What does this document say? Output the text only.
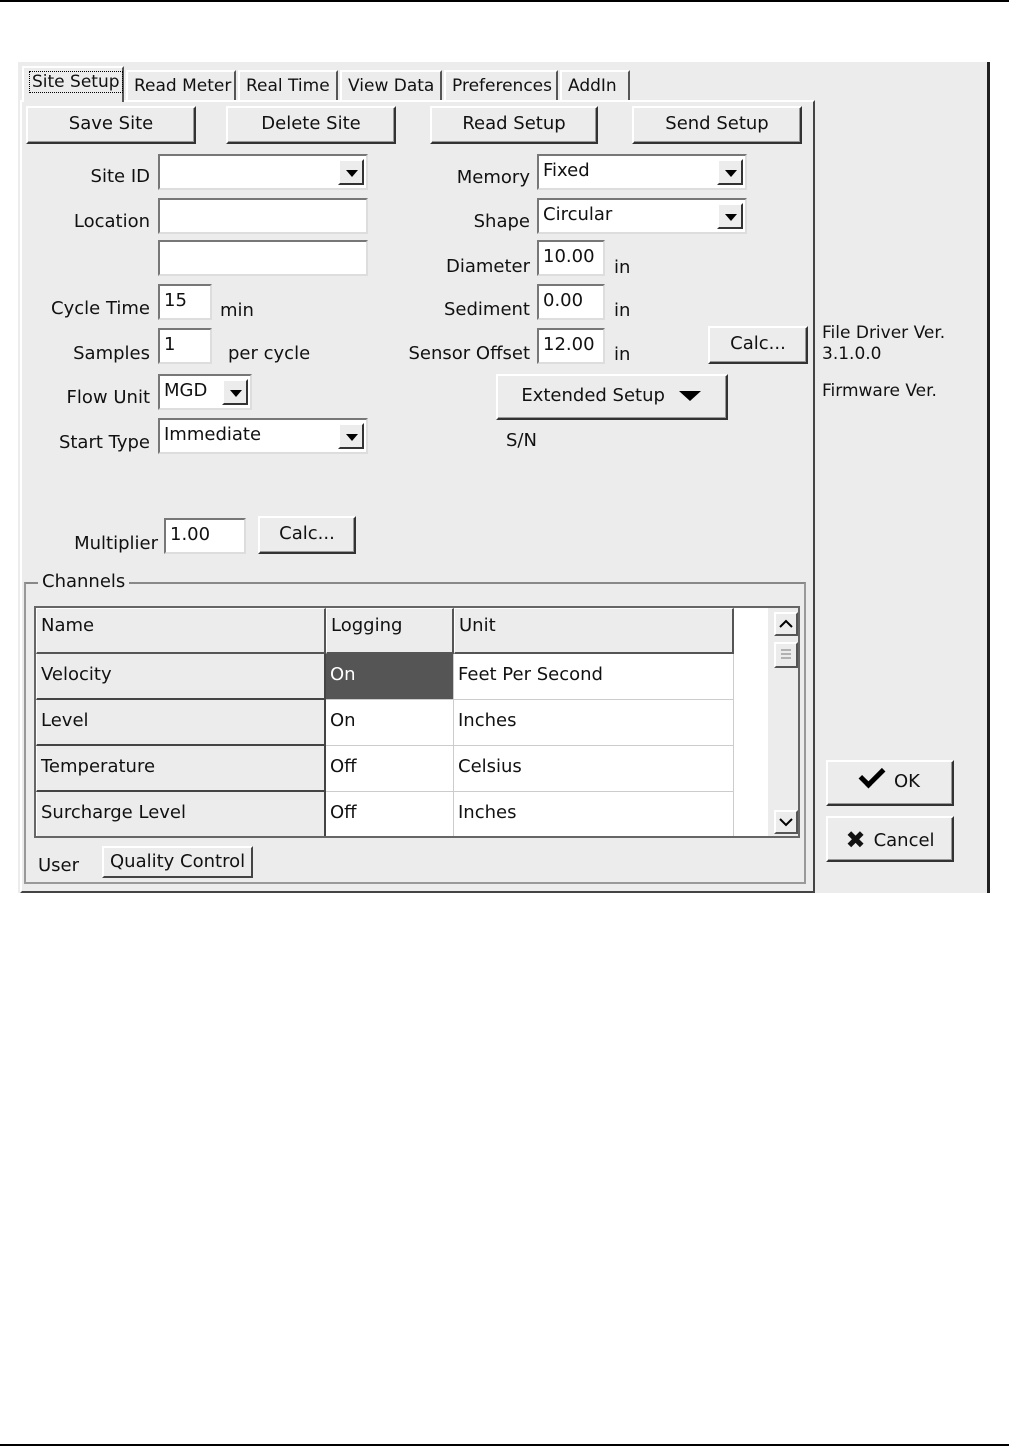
Site Setup Read Meter Real Time	View Data	Preferences AddIn
Save Site	Delete Site	Read Setup	Send Setup
Site ID
Location
Cycle Time 15	min
Samples 1	per cycle
Flow Unit MGD
Start Type Immediate
Multiplier 1.00	Calc...
Memory Fixed
Shape Circular
Diameter 10.00
in
Sediment 0.00	in
Sensor Offset 12.00	in
Calc...
Extended Setup
S/N
File Driver Ver.
3.1.0.0
Firmware Ver.
OK
✖ Cancel
Channels
Name	Logging	Unit
Velocity	On	Feet Per Second
Level	On	Inches
Temperature	Off	Celsius
Surcharge Level	Off	Inches
User	Quality Control
